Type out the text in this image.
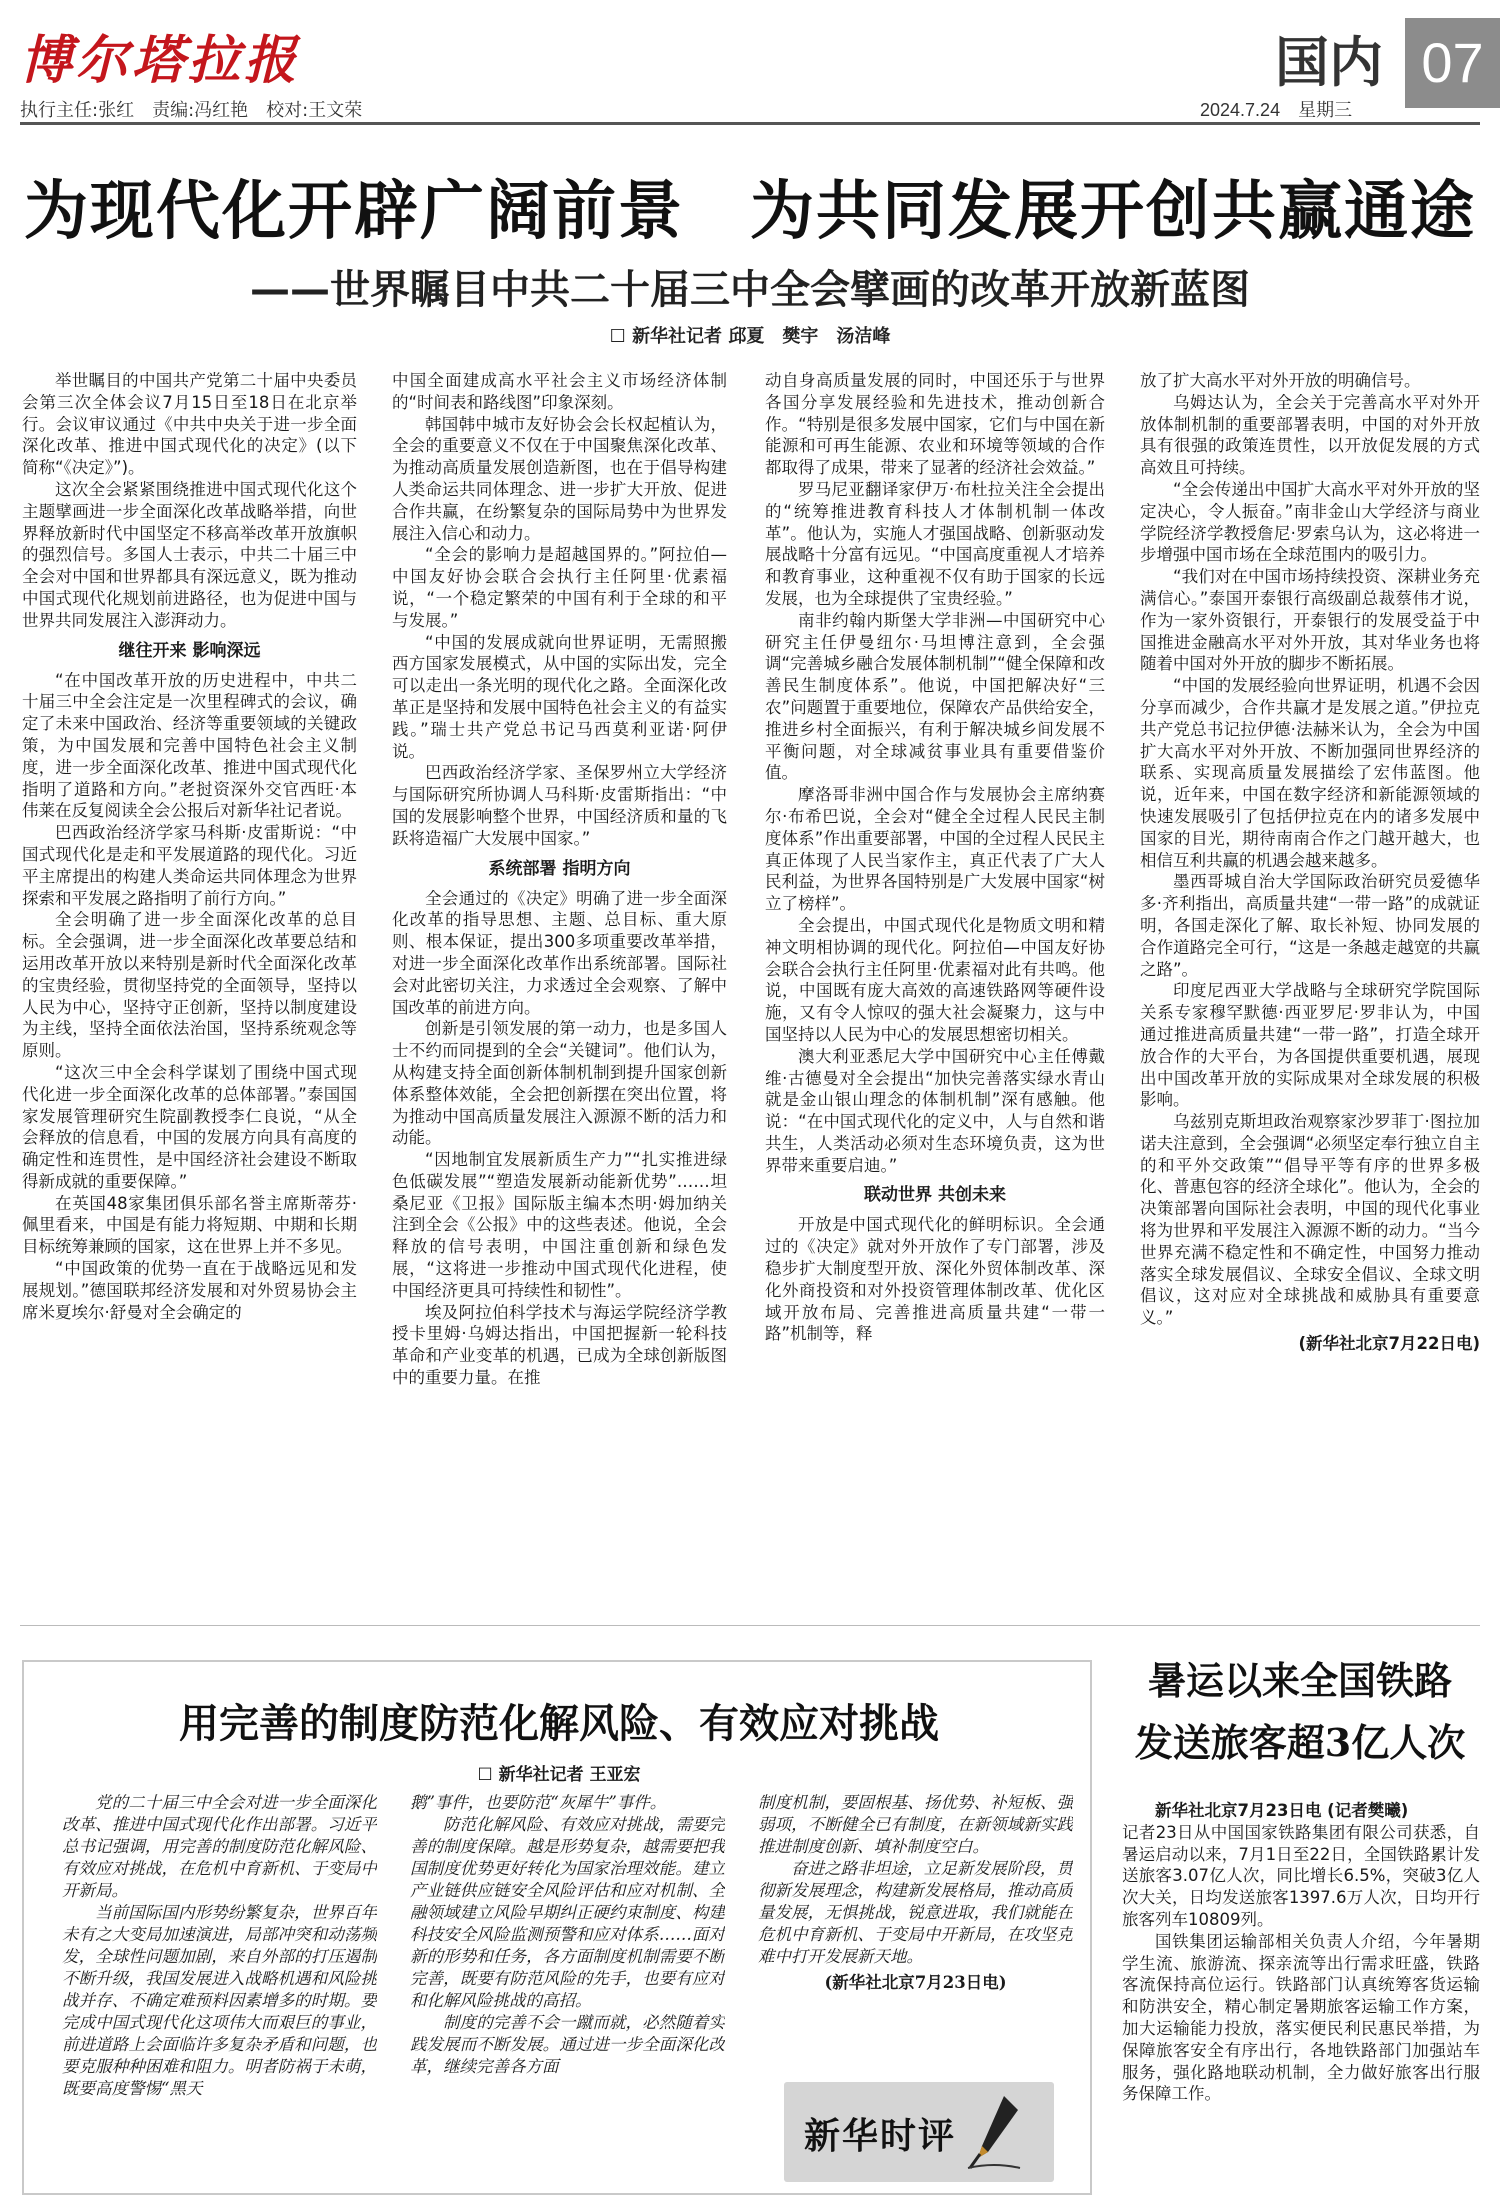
博尔塔拉报
执行主任:张红　责编:冯红艳　校对:王文荣
国内 07
2024.7.24　星期三
为现代化开辟广阔前景　为共同发展开创共赢通途
——世界瞩目中共二十届三中全会擘画的改革开放新蓝图
☐ 新华社记者 邱夏　樊宇　汤洁峰

举世瞩目的中国共产党第二十届中央委员会第三次全体会议7月15日至18日在北京举行。会议审议通过《中共中央关于进一步全面深化改革、推进中国式现代化的决定》(以下简称“《决定》”)。

这次全会紧紧围绕推进中国式现代化这个主题擘画进一步全面深化改革战略举措，向世界释放新时代中国坚定不移高举改革开放旗帜的强烈信号。多国人士表示，中共二十届三中全会对中国和世界都具有深远意义，既为推动中国式现代化规划前进路径，也为促进中国与世界共同发展注入澎湃动力。

继往开来 影响深远

“在中国改革开放的历史进程中，中共二十届三中全会注定是一次里程碑式的会议，确定了未来中国政治、经济等重要领域的关键政策，为中国发展和完善中国特色社会主义制度，进一步全面深化改革、推进中国式现代化指明了道路和方向。”老挝资深外交官西旺·本伟莱在反复阅读全会公报后对新华社记者说。

巴西政治经济学家马科斯·皮雷斯说：“中国式现代化是走和平发展道路的现代化。习近平主席提出的构建人类命运共同体理念为世界探索和平发展之路指明了前行方向。”

全会明确了进一步全面深化改革的总目标。全会强调，进一步全面深化改革要总结和运用改革开放以来特别是新时代全面深化改革的宝贵经验，贯彻坚持党的全面领导，坚持以人民为中心，坚持守正创新，坚持以制度建设为主线，坚持全面依法治国，坚持系统观念等原则。

“这次三中全会科学谋划了围绕中国式现代化进一步全面深化改革的总体部署。”泰国国家发展管理研究生院副教授李仁良说，“从全会释放的信息看，中国的发展方向具有高度的确定性和连贯性，是中国经济社会建设不断取得新成就的重要保障。”

在英国48家集团俱乐部名誉主席斯蒂芬·佩里看来，中国是有能力将短期、中期和长期目标统筹兼顾的国家，这在世界上并不多见。

“中国政策的优势一直在于战略远见和发展规划。”德国联邦经济发展和对外贸易协会主席米夏埃尔·舒曼对全会确定的

中国全面建成高水平社会主义市场经济体制的“时间表和路线图”印象深刻。

韩国韩中城市友好协会会长权起植认为，全会的重要意义不仅在于中国聚焦深化改革、为推动高质量发展创造新图，也在于倡导构建人类命运共同体理念、进一步扩大开放、促进合作共赢，在纷繁复杂的国际局势中为世界发展注入信心和动力。

“全会的影响力是超越国界的。”阿拉伯—中国友好协会联合会执行主任阿里·优素福说，“一个稳定繁荣的中国有利于全球的和平与发展。”

“中国的发展成就向世界证明，无需照搬西方国家发展模式，从中国的实际出发，完全可以走出一条光明的现代化之路。全面深化改革正是坚持和发展中国特色社会主义的有益实践。”瑞士共产党总书记马西莫利亚诺·阿伊说。

巴西政治经济学家、圣保罗州立大学经济与国际研究所协调人马科斯·皮雷斯指出：“中国的发展影响整个世界，中国经济质和量的飞跃将造福广大发展中国家。”

系统部署 指明方向

全会通过的《决定》明确了进一步全面深化改革的指导思想、主题、总目标、重大原则、根本保证，提出300多项重要改革举措，对进一步全面深化改革作出系统部署。国际社会对此密切关注，力求透过全会观察、了解中国改革的前进方向。

创新是引领发展的第一动力，也是多国人士不约而同提到的全会“关键词”。他们认为，从构建支持全面创新体制机制到提升国家创新体系整体效能，全会把创新摆在突出位置，将为推动中国高质量发展注入源源不断的活力和动能。

“因地制宜发展新质生产力”“扎实推进绿色低碳发展”“塑造发展新动能新优势”……坦桑尼亚《卫报》国际版主编本杰明·姆加纳关注到全会《公报》中的这些表述。他说，全会释放的信号表明，中国注重创新和绿色发展，“这将进一步推动中国式现代化进程，使中国经济更具可持续性和韧性”。

埃及阿拉伯科学技术与海运学院经济学教授卡里姆·乌姆达指出，中国把握新一轮科技革命和产业变革的机遇，已成为全球创新版图中的重要力量。在推

动自身高质量发展的同时，中国还乐于与世界各国分享发展经验和先进技术，推动创新合作。“特别是很多发展中国家，它们与中国在新能源和可再生能源、农业和环境等领域的合作都取得了成果，带来了显著的经济社会效益。”

罗马尼亚翻译家伊万·布杜拉关注全会提出的“统筹推进教育科技人才体制机制一体改革”。他认为，实施人才强国战略、创新驱动发展战略十分富有远见。“中国高度重视人才培养和教育事业，这种重视不仅有助于国家的长远发展，也为全球提供了宝贵经验。”

南非约翰内斯堡大学非洲—中国研究中心研究主任伊曼纽尔·马坦博注意到，全会强调“完善城乡融合发展体制机制”“健全保障和改善民生制度体系”。他说，中国把解决好“三农”问题置于重要地位，保障农产品供给安全，推进乡村全面振兴，有利于解决城乡间发展不平衡问题，对全球减贫事业具有重要借鉴价值。

摩洛哥非洲中国合作与发展协会主席纳赛尔·布希巴说，全会对“健全全过程人民民主制度体系”作出重要部署，中国的全过程人民民主真正体现了人民当家作主，真正代表了广大人民利益，为世界各国特别是广大发展中国家“树立了榜样”。

全会提出，中国式现代化是物质文明和精神文明相协调的现代化。阿拉伯—中国友好协会联合会执行主任阿里·优素福对此有共鸣。他说，中国既有庞大高效的高速铁路网等硬件设施，又有令人惊叹的强大社会凝聚力，这与中国坚持以人民为中心的发展思想密切相关。

澳大利亚悉尼大学中国研究中心主任傅戴维·古德曼对全会提出“加快完善落实绿水青山就是金山银山理念的体制机制”深有感触。他说：“在中国式现代化的定义中，人与自然和谐共生，人类活动必须对生态环境负责，这为世界带来重要启迪。”

联动世界 共创未来

开放是中国式现代化的鲜明标识。全会通过的《决定》就对外开放作了专门部署，涉及稳步扩大制度型开放、深化外贸体制改革、深化外商投资和对外投资管理体制改革、优化区域开放布局、完善推进高质量共建“一带一路”机制等，释

放了扩大高水平对外开放的明确信号。

乌姆达认为，全会关于完善高水平对外开放体制机制的重要部署表明，中国的对外开放具有很强的政策连贯性，以开放促发展的方式高效且可持续。

“全会传递出中国扩大高水平对外开放的坚定决心，令人振奋。”南非金山大学经济与商业学院经济学教授詹尼·罗索乌认为，这必将进一步增强中国市场在全球范围内的吸引力。

“我们对在中国市场持续投资、深耕业务充满信心。”泰国开泰银行高级副总裁蔡伟才说，作为一家外资银行，开泰银行的发展受益于中国推进金融高水平对外开放，其对华业务也将随着中国对外开放的脚步不断拓展。

“中国的发展经验向世界证明，机遇不会因分享而减少，合作共赢才是发展之道。”伊拉克共产党总书记拉伊德·法赫米认为，全会为中国扩大高水平对外开放、不断加强同世界经济的联系、实现高质量发展描绘了宏伟蓝图。他说，近年来，中国在数字经济和新能源领域的快速发展吸引了包括伊拉克在内的诸多发展中国家的目光，期待南南合作之门越开越大，也相信互利共赢的机遇会越来越多。

墨西哥城自治大学国际政治研究员爱德华多·齐利指出，高质量共建“一带一路”的成就证明，各国走深化了解、取长补短、协同发展的合作道路完全可行，“这是一条越走越宽的共赢之路”。

印度尼西亚大学战略与全球研究学院国际关系专家穆罕默德·西亚罗尼·罗非认为，中国通过推进高质量共建“一带一路”，打造全球开放合作的大平台，为各国提供重要机遇，展现出中国改革开放的实际成果对全球发展的积极影响。

乌兹别克斯坦政治观察家沙罗菲丁·图拉加诺夫注意到，全会强调“必须坚定奉行独立自主的和平外交政策”“倡导平等有序的世界多极化、普惠包容的经济全球化”。他认为，全会的决策部署向国际社会表明，中国的现代化事业将为世界和平发展注入源源不断的动力。“当今世界充满不稳定性和不确定性，中国努力推动落实全球发展倡议、全球安全倡议、全球文明倡议，这对应对全球挑战和威胁具有重要意义。”

(新华社北京7月22日电)
用完善的制度防范化解风险、有效应对挑战
☐ 新华社记者 王亚宏

党的二十届三中全会对进一步全面深化改革、推进中国式现代化作出部署。习近平总书记强调，用完善的制度防范化解风险、有效应对挑战，在危机中育新机、于变局中开新局。

当前国际国内形势纷繁复杂，世界百年未有之大变局加速演进，局部冲突和动荡频发，全球性问题加剧，来自外部的打压遏制不断升级，我国发展进入战略机遇和风险挑战并存、不确定难预料因素增多的时期。要完成中国式现代化这项伟大而艰巨的事业，前进道路上会面临许多复杂矛盾和问题，也要克服种种困难和阻力。明者防祸于未萌，既要高度警惕“黑天

鹅”事件，也要防范“灰犀牛”事件。

防范化解风险、有效应对挑战，需要完善的制度保障。越是形势复杂，越需要把我国制度优势更好转化为国家治理效能。建立产业链供应链安全风险评估和应对机制、全融领域建立风险早期纠正硬约束制度、构建科技安全风险监测预警和应对体系……面对新的形势和任务，各方面制度机制需要不断完善，既要有防范风险的先手，也要有应对和化解风险挑战的高招。

制度的完善不会一蹴而就，必然随着实践发展而不断发展。通过进一步全面深化改革，继续完善各方面

制度机制，要固根基、扬优势、补短板、强弱项，不断健全已有制度，在新领域新实践推进制度创新、填补制度空白。

奋进之路非坦途，立足新发展阶段，贯彻新发展理念，构建新发展格局，推动高质量发展，无惧挑战，锐意进取，我们就能在危机中育新机、于变局中开新局，在攻坚克难中打开发展新天地。

(新华社北京7月23日电)
新华时评
暑运以来全国铁路
发送旅客超3亿人次

新华社北京7月23日电 (记者樊曦)

记者23日从中国国家铁路集团有限公司获悉，自暑运启动以来，7月1日至22日，全国铁路累计发送旅客3.07亿人次，同比增长6.5%，突破3亿人次大关，日均发送旅客1397.6万人次，日均开行旅客列车10809列。

国铁集团运输部相关负责人介绍，今年暑期学生流、旅游流、探亲流等出行需求旺盛，铁路客流保持高位运行。铁路部门认真统筹客货运输和防洪安全，精心制定暑期旅客运输工作方案，加大运输能力投放，落实便民利民惠民举措，为保障旅客安全有序出行，各地铁路部门加强站车服务，强化路地联动机制，全力做好旅客出行服务保障工作。
